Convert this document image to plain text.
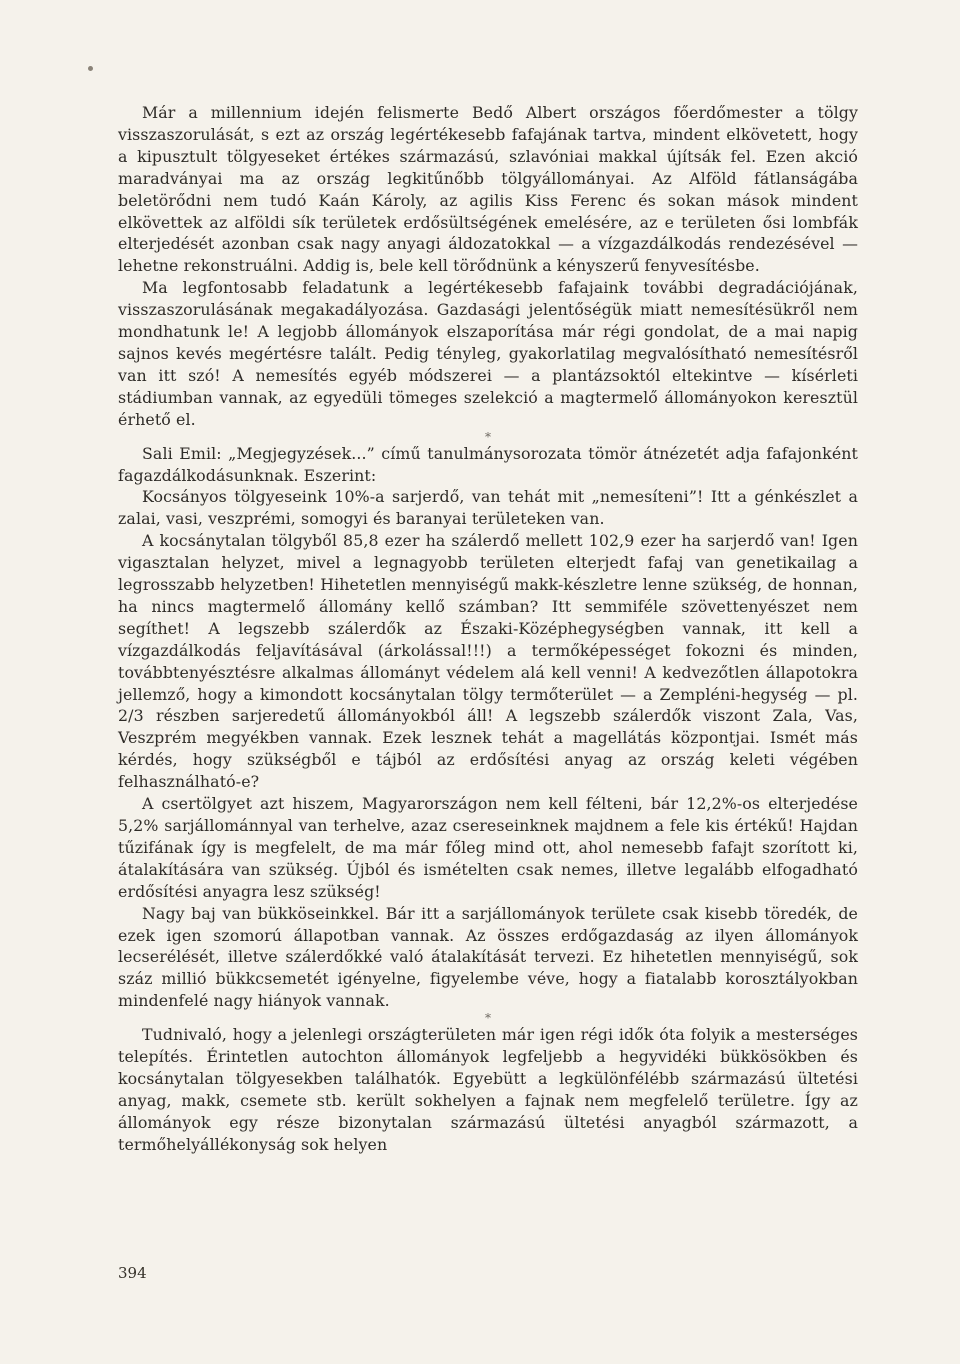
Már a millennium idején felismerte Bedő Albert országos főerdőmester a tölgy visszaszorulását, s ezt az ország legértékesebb fafajának tartva, mindent elkövetett, hogy a kipusztult tölgyeseket értékes származású, szlavóniai makkal újítsák fel. Ezen akció maradványai ma az ország legkitűnőbb tölgyállományai. Az Alföld fátlanságába beletörődni nem tudó Kaán Károly, az agilis Kiss Ferenc és sokan mások mindent elkövettek az alföldi sík területek erdősültségének emelésére, az e területen ősi lombfák elterjedését azonban csak nagy anyagi áldozatokkal — a vízgazdálkodás rendezésével — lehetne rekonstruálni. Addig is, bele kell törődnünk a kényszerű fenyvesítésbe.

Ma legfontosabb feladatunk a legértékesebb fafajaink további degradációjának, visszaszorulásának megakadályozása. Gazdasági jelentőségük miatt nemesítésükről nem mondhatunk le! A legjobb állományok elszaporítása már régi gondolat, de a mai napig sajnos kevés megértésre talált. Pedig tényleg, gyakorlatilag megvalósítható nemesítésről van itt szó! A nemesítés egyéb módszerei — a plantázsoktól eltekintve — kísérleti stádiumban vannak, az egyedüli tömeges szelekció a magtermelő állományokon keresztül érhető el.

*

Sali Emil: „Megjegyzések...” című tanulmánysorozata tömör átnézetét adja fafajonként fagazdálkodásunknak. Eszerint:

Kocsányos tölgyeseink 10%-a sarjerdő, van tehát mit „nemesíteni”! Itt a génkészlet a zalai, vasi, veszprémi, somogyi és baranyai területeken van.

A kocsánytalan tölgyből 85,8 ezer ha szálerdő mellett 102,9 ezer ha sarjerdő van! Igen vigasztalan helyzet, mivel a legnagyobb területen elterjedt fafaj van genetikailag a legrosszabb helyzetben! Hihetetlen mennyiségű makk-készletre lenne szükség, de honnan, ha nincs magtermelő állomány kellő számban? Itt semmiféle szövettenyészet nem segíthet! A legszebb szálerdők az Északi-Középhegységben vannak, itt kell a vízgazdálkodás feljavításával (árkolással!!!) a termőképességet fokozni és minden, továbbtenyésztésre alkalmas állományt védelem alá kell venni! A kedvezőtlen állapotokra jellemző, hogy a kimondott kocsánytalan tölgy termőterület — a Zempléni-hegység — pl. 2/3 részben sarjeredetű állományokból áll! A legszebb szálerdők viszont Zala, Vas, Veszprém megyékben vannak. Ezek lesznek tehát a magellátás központjai. Ismét más kérdés, hogy szükségből e tájból az erdősítési anyag az ország keleti végében felhasználható-e?

A csertölgyet azt hiszem, Magyarországon nem kell félteni, bár 12,2%-os elterjedése 5,2% sarjállománnyal van terhelve, azaz csereseinknek majdnem a fele kis értékű! Hajdan tűzifának így is megfelelt, de ma már főleg mind ott, ahol nemesebb fafajt szorított ki, átalakítására van szükség. Újból és ismételten csak nemes, illetve legalább elfogadható erdősítési anyagra lesz szükség!

Nagy baj van bükköseinkkel. Bár itt a sarjállományok területe csak kisebb töredék, de ezek igen szomorú állapotban vannak. Az összes erdőgazdaság az ilyen állományok lecserélését, illetve szálerdőkké való átalakítását tervezi. Ez hihetetlen mennyiségű, sok száz millió bükkcsemetét igényelne, figyelembe véve, hogy a fiatalabb korosztályokban mindenfelé nagy hiányok vannak.

*

Tudnivaló, hogy a jelenlegi országterületen már igen régi idők óta folyik a mesterséges telepítés. Érintetlen autochton állományok legfeljebb a hegyvidéki bükkösökben és kocsánytalan tölgyesekben találhatók. Egyebütt a legkülönfélébb származású ültetési anyag, makk, csemete stb. került sokhelyen a fajnak nem megfelelő területre. Így az állományok egy része bizonytalan származású ültetési anyagból származott, a termőhelyállékonyság sok helyen

394
